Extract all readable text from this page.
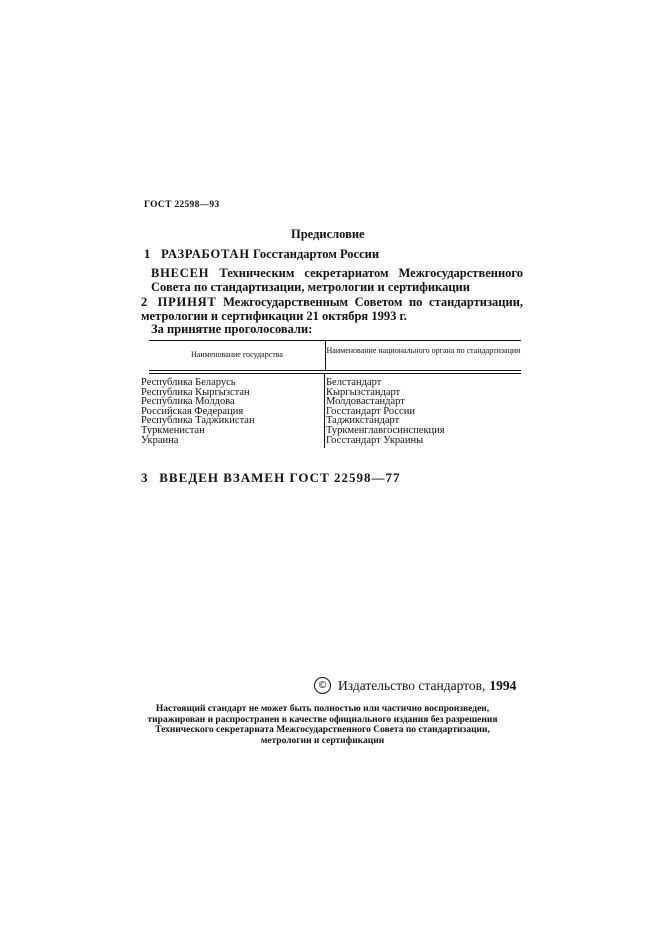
ГОСТ 22598—93
Предисловие
1 РАЗРАБОТАН Госстандартом России
ВНЕСЕН Техническим секретариатом Межгосударственного Совета по стандартизации, метрологии и сертификации
2 ПРИНЯТ Межгосударственным Советом по стандартизации, метрологии и сертификации 21 октября 1993 г.
За принятие проголосовали:
Наименование государства	Наименование национального органа по стандартизации
Республика Беларусь
Республика Кыргызстан
Республика Молдова
Российская Федерация
Республика Таджикистан
Туркменистан
Украина
Белстандарт
Кыргызстандарт
Молдовастандарт
Госстандарт России
Таджикстандарт
Туркменглавгосинспекция
Госстандарт Украины
3 ВВЕДЕН ВЗАМЕН ГОСТ 22598—77
© Издательство стандартов, 1994
Настоящий стандарт не может быть полностью или частично воспроизведен, тиражирован и распространен в качестве официального издания без разрешения Технического секретариата Межгосударственного Совета по стандартизации, метрологии и сертификации
